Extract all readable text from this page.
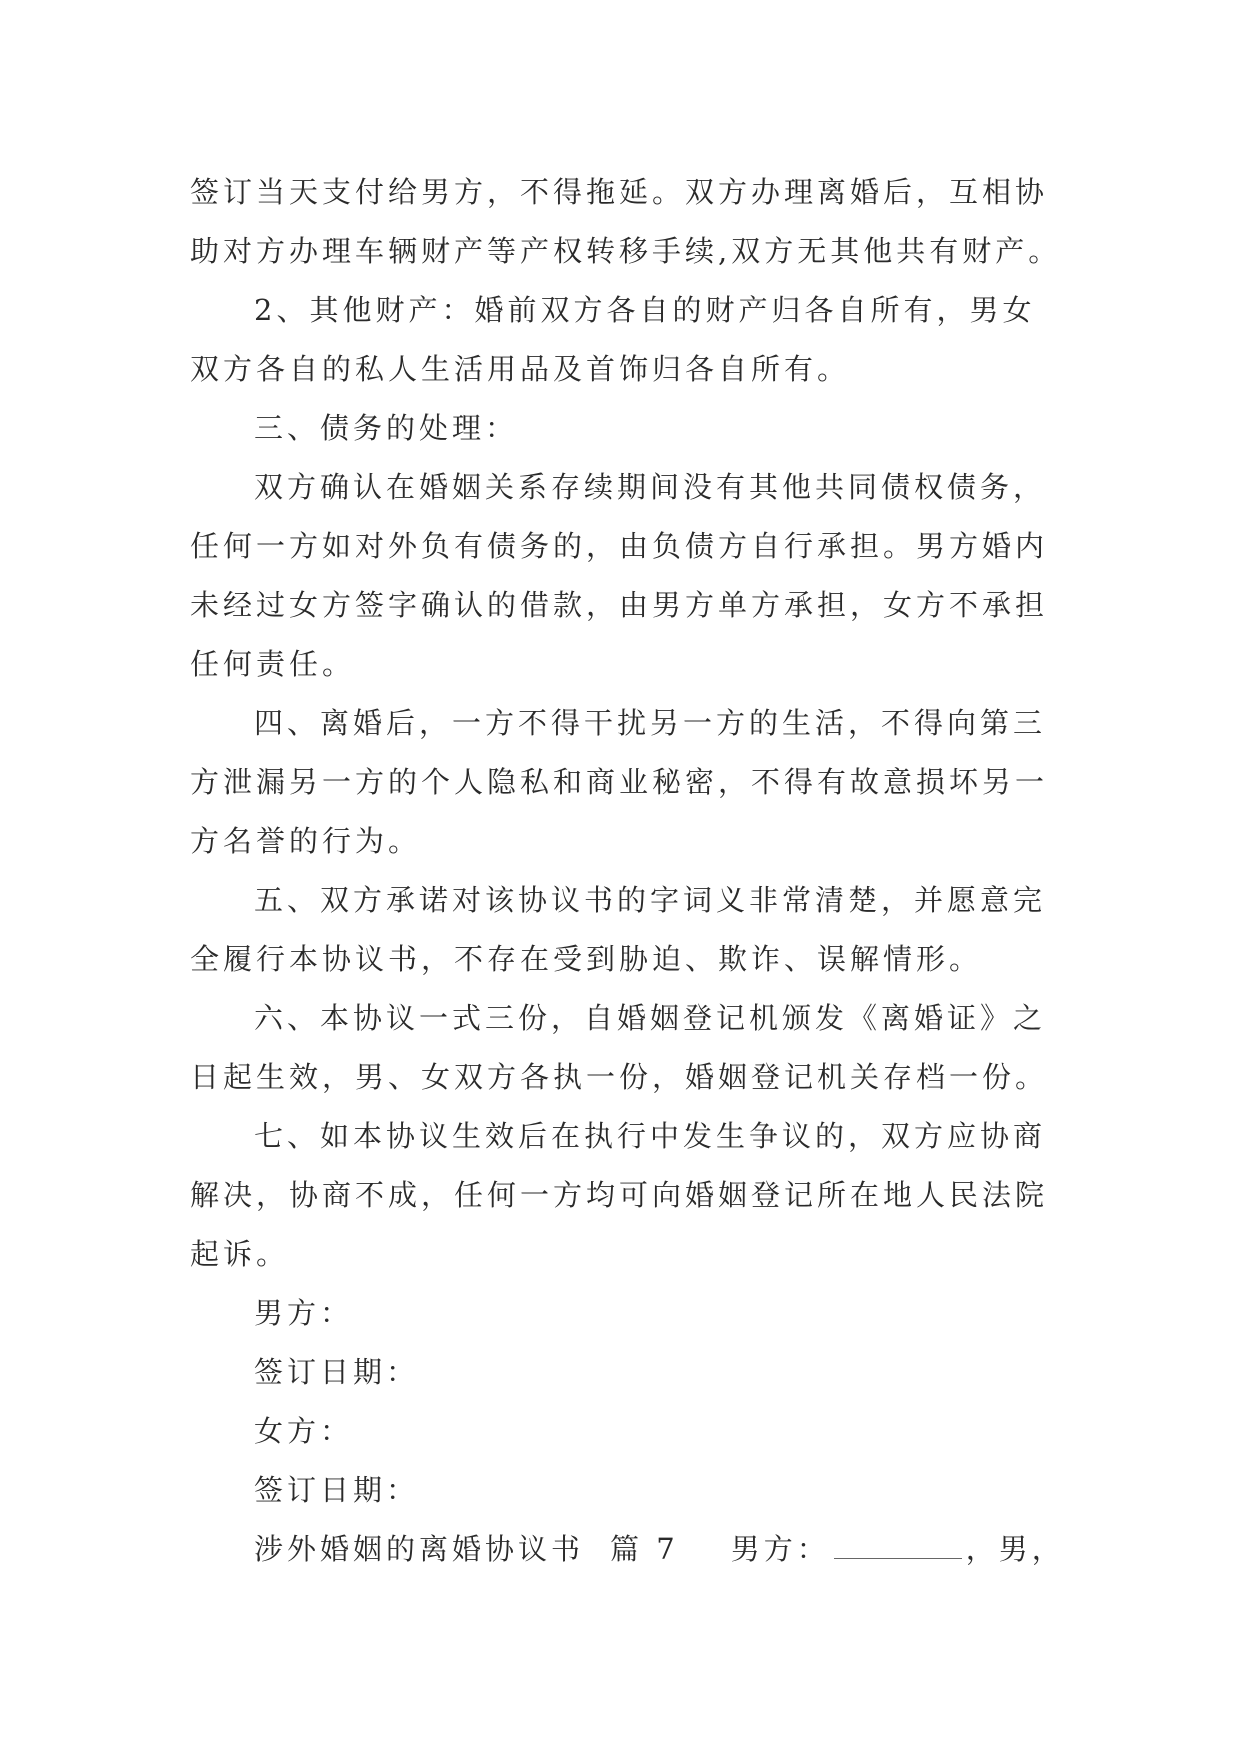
签订当天支付给男方，不得拖延。双方办理离婚后，互相协
助对方办理车辆财产等产权转移手续,双方无其他共有财产。
2、其他财产：婚前双方各自的财产归各自所有，男女
双方各自的私人生活用品及首饰归各自所有。
三、债务的处理：
双方确认在婚姻关系存续期间没有其他共同债权债务，
任何一方如对外负有债务的，由负债方自行承担。男方婚内
未经过女方签字确认的借款，由男方单方承担，女方不承担
任何责任。
四、离婚后，一方不得干扰另一方的生活，不得向第三
方泄漏另一方的个人隐私和商业秘密，不得有故意损坏另一
方名誉的行为。
五、双方承诺对该协议书的字词义非常清楚，并愿意完
全履行本协议书，不存在受到胁迫、欺诈、误解情形。
六、本协议一式三份，自婚姻登记机颁发《离婚证》之
日起生效，男、女双方各执一份，婚姻登记机关存档一份。
七、如本协议生效后在执行中发生争议的，双方应协商
解决，协商不成，任何一方均可向婚姻登记所在地人民法院
起诉。
男方：
签订日期：
女方：
签订日期：
涉外婚姻的离婚协议书 篇 7 男方：	，男，
